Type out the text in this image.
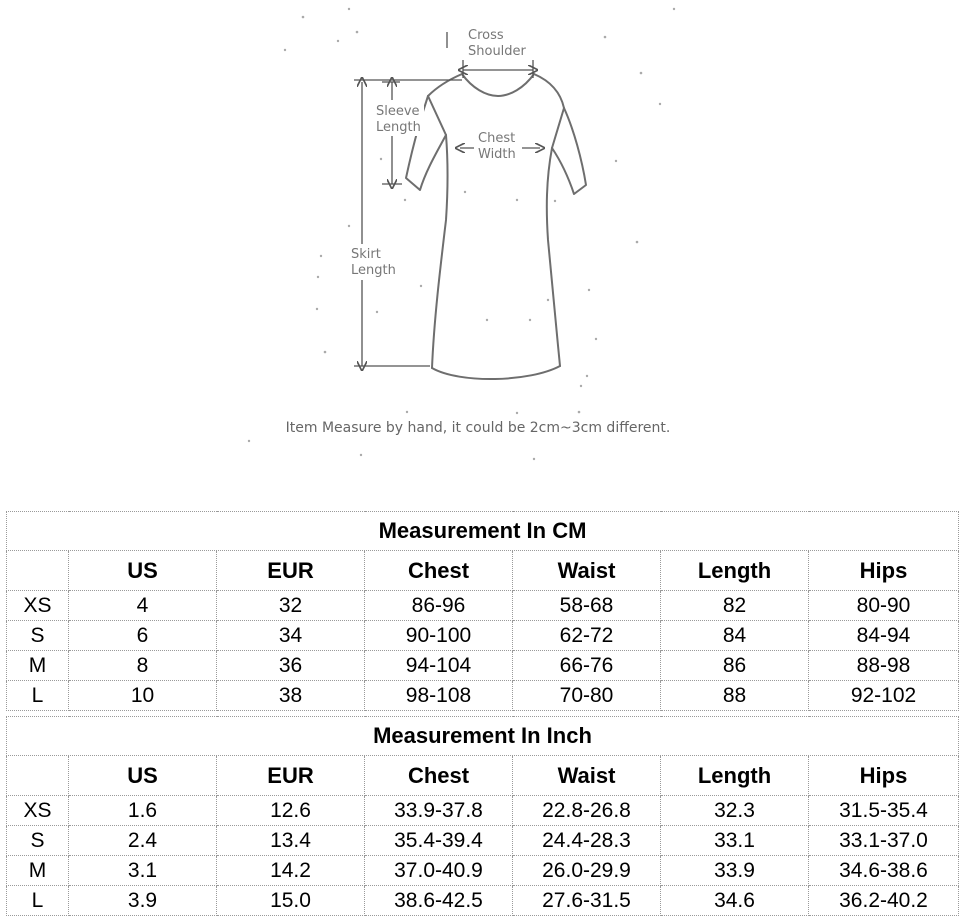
Cross
Shoulder
Sleeve
Length
Chest
Width
Skirt
Length
Item Measure by hand, it could be 2cm~3cm different.
Measurement In CM						
	US	EUR	Chest	Waist	Length	Hips
XS	4	32	86-96	58-68	82	80-90
S	6	34	90-100	62-72	84	84-94
M	8	36	94-104	66-76	86	88-98
L	10	38	98-108	70-80	88	92-102
Measurement In Inch						
	US	EUR	Chest	Waist	Length	Hips
XS	1.6	12.6	33.9-37.8	22.8-26.8	32.3	31.5-35.4
S	2.4	13.4	35.4-39.4	24.4-28.3	33.1	33.1-37.0
M	3.1	14.2	37.0-40.9	26.0-29.9	33.9	34.6-38.6
L	3.9	15.0	38.6-42.5	27.6-31.5	34.6	36.2-40.2
